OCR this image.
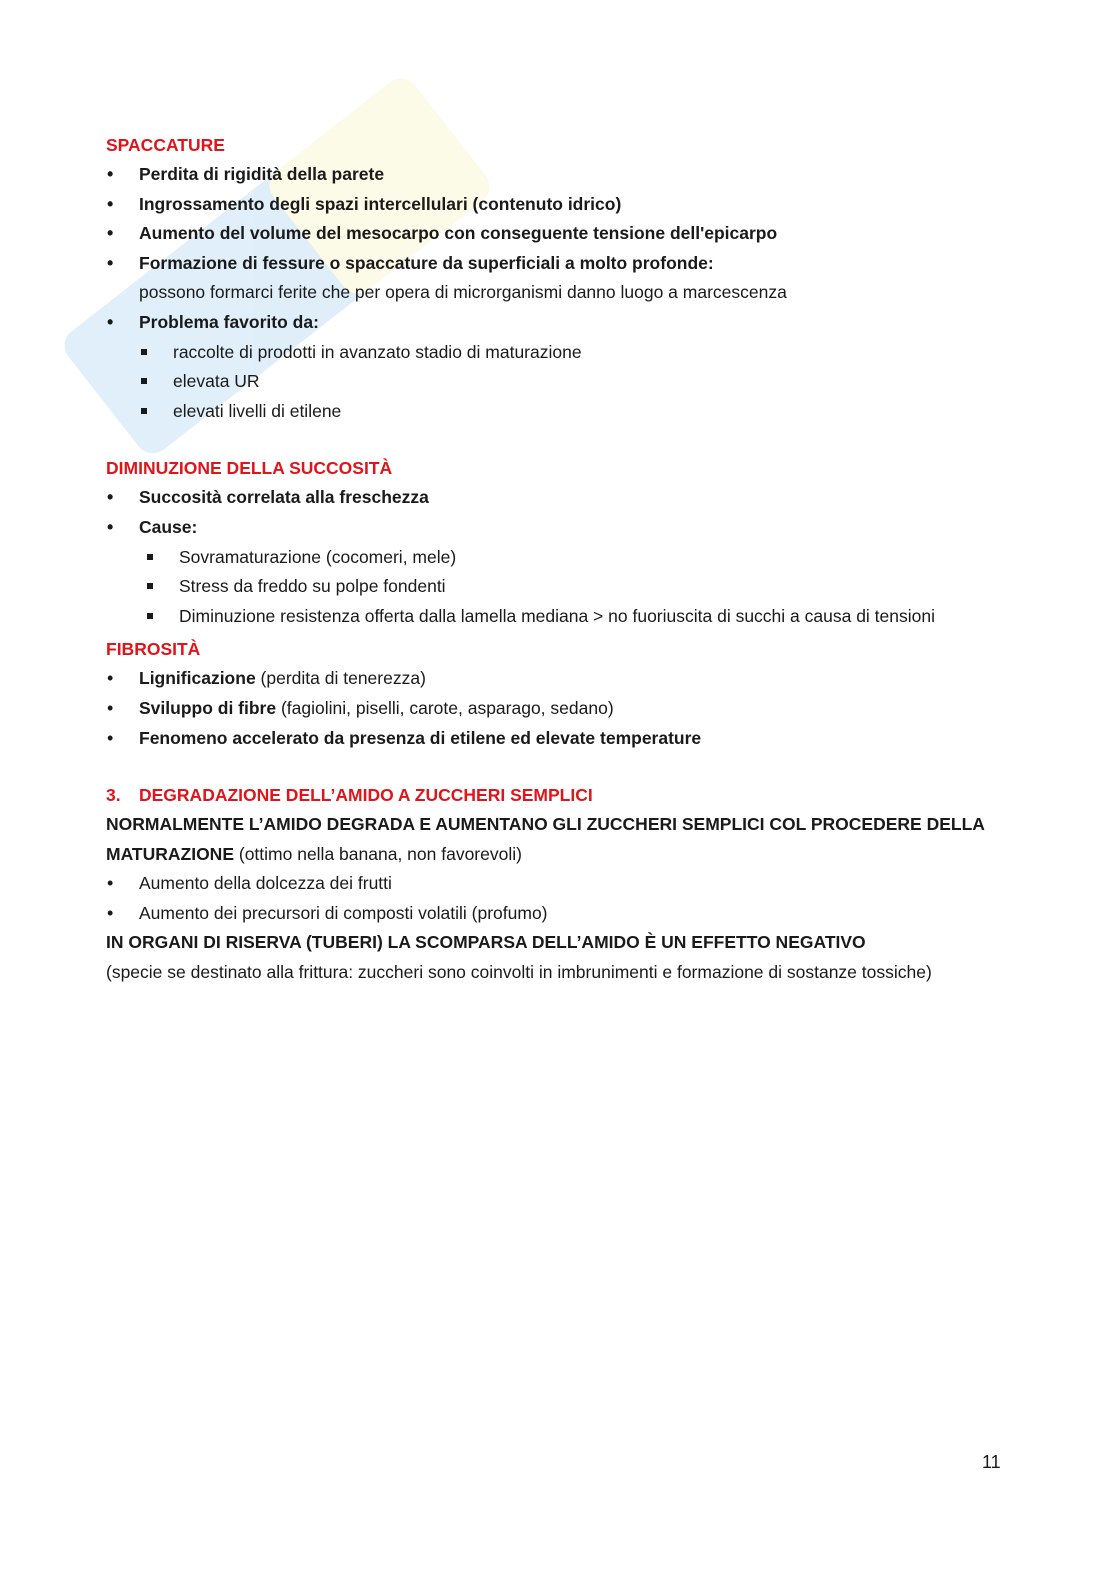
SPACCATURE
• Perdita di rigidità della parete
• Ingrossamento degli spazi intercellulari (contenuto idrico)
• Aumento del volume del mesocarpo con conseguente tensione dell'epicarpo
• Formazione di fessure o spaccature da superficiali a molto profonde:
possono formarci ferite che per opera di microrganismi danno luogo a marcescenza
• Problema favorito da:
raccolte di prodotti in avanzato stadio di maturazione
elevata UR
elevati livelli di etilene
DIMINUZIONE DELLA SUCCOSITÀ
• Succosità correlata alla freschezza
• Cause:
Sovramaturazione (cocomeri, mele)
Stress da freddo su polpe fondenti
Diminuzione resistenza offerta dalla lamella mediana > no fuoriuscita di succhi a causa di tensioni
FIBROSITÀ
• Lignificazione (perdita di tenerezza)
• Sviluppo di fibre (fagiolini, piselli, carote, asparago, sedano)
• Fenomeno accelerato da presenza di etilene ed elevate temperature
3. DEGRADAZIONE DELL’AMIDO A ZUCCHERI SEMPLICI
NORMALMENTE L’AMIDO DEGRADA E AUMENTANO GLI ZUCCHERI SEMPLICI COL PROCEDERE DELLA
MATURAZIONE (ottimo nella banana, non favorevoli)
• Aumento della dolcezza dei frutti
• Aumento dei precursori di composti volatili (profumo)
IN ORGANI DI RISERVA (TUBERI) LA SCOMPARSA DELL’AMIDO È UN EFFETTO NEGATIVO
(specie se destinato alla frittura: zuccheri sono coinvolti in imbrunimenti e formazione di sostanze tossiche)
11
